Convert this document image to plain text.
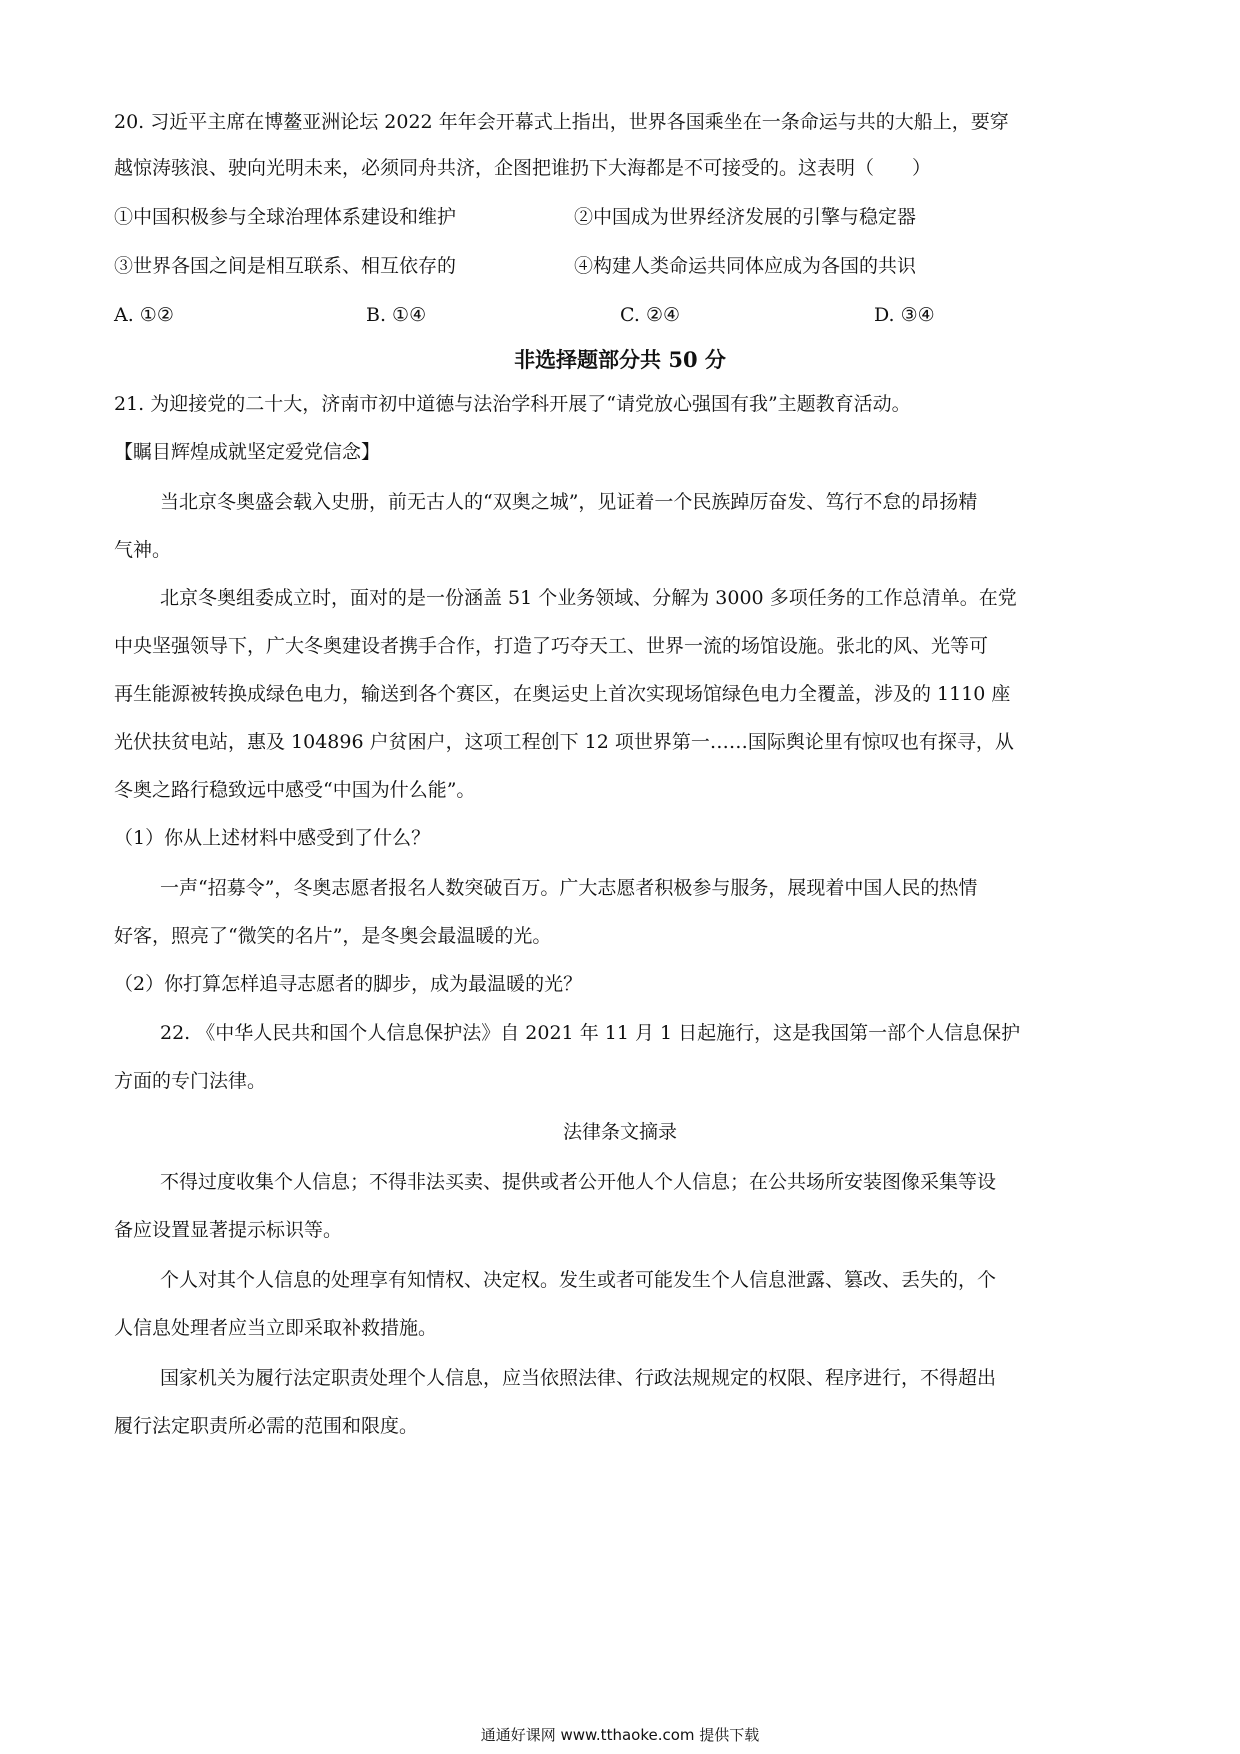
20. 习近平主席在博鳌亚洲论坛 2022 年年会开幕式上指出，世界各国乘坐在一条命运与共的大船上，要穿
越惊涛骇浪、驶向光明未来，必须同舟共济，企图把谁扔下大海都是不可接受的。这表明（　　）
①中国积极参与全球治理体系建设和维护	②中国成为世界经济发展的引擎与稳定器
③世界各国之间是相互联系、相互依存的	④构建人类命运共同体应成为各国的共识
A. ①②	B. ①④	C. ②④	D. ③④
非选择题部分共 50 分
21. 为迎接党的二十大，济南市初中道德与法治学科开展了“请党放心强国有我”主题教育活动。
【瞩目辉煌成就坚定爱党信念】
当北京冬奥盛会载入史册，前无古人的“双奥之城”，见证着一个民族踔厉奋发、笃行不怠的昂扬精
气神。
北京冬奥组委成立时，面对的是一份涵盖 51 个业务领域、分解为 3000 多项任务的工作总清单。在党
中央坚强领导下，广大冬奥建设者携手合作，打造了巧夺天工、世界一流的场馆设施。张北的风、光等可
再生能源被转换成绿色电力，输送到各个赛区，在奥运史上首次实现场馆绿色电力全覆盖，涉及的 1110 座
光伏扶贫电站，惠及 104896 户贫困户，这项工程创下 12 项世界第一……国际舆论里有惊叹也有探寻，从
冬奥之路行稳致远中感受“中国为什么能”。
（1）你从上述材料中感受到了什么？
一声“招募令”，冬奥志愿者报名人数突破百万。广大志愿者积极参与服务，展现着中国人民的热情
好客，照亮了“微笑的名片”，是冬奥会最温暖的光。
（2）你打算怎样追寻志愿者的脚步，成为最温暖的光？
22. 《中华人民共和国个人信息保护法》自 2021 年 11 月 1 日起施行，这是我国第一部个人信息保护
方面的专门法律。
法律条文摘录
不得过度收集个人信息；不得非法买卖、提供或者公开他人个人信息；在公共场所安装图像采集等设
备应设置显著提示标识等。
个人对其个人信息的处理享有知情权、决定权。发生或者可能发生个人信息泄露、篡改、丢失的，个
人信息处理者应当立即采取补救措施。
国家机关为履行法定职责处理个人信息，应当依照法律、行政法规规定的权限、程序进行，不得超出
履行法定职责所必需的范围和限度。
通通好课网 www.tthaoke.com 提供下载
